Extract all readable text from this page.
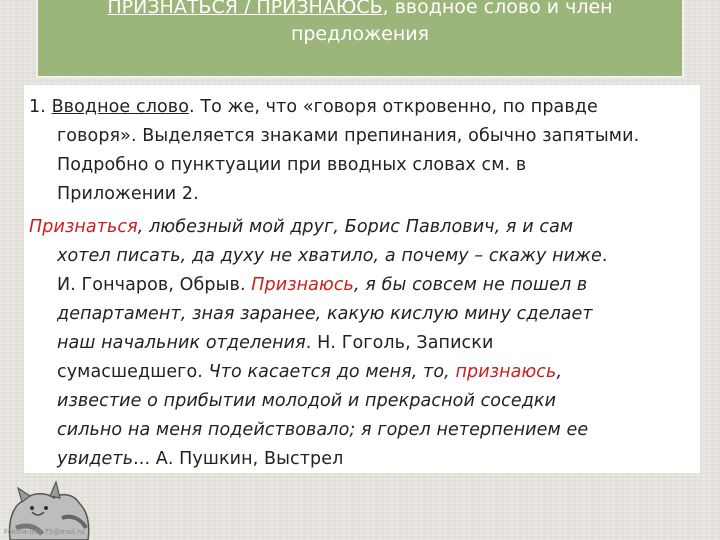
ПРИЗНАТЬСЯ / ПРИЗНАЮСЬ, вводное слово и член
предложения
1. Вводное слово. То же, что «говоря откровенно, по правде
говоря». Выделяется знаками препинания, обычно запятыми.
Подробно о пунктуации при вводных словах см. в
Приложении 2.
Признаться, любезный мой друг, Борис Павлович, я и сам
хотел писать, да духу не хватило, а почему – скажу ниже.
И. Гончаров, Обрыв. Признаюсь, я бы совсем не пошел в
департамент, зная заранее, какую кислую мину сделает
наш начальник отделения. Н. Гоголь, Записки
сумасшедшего. Что касается до меня, то, признаюсь,
известие о прибытии молодой и прекрасной соседки
сильно на меня подействовало; я горел нетерпением ее
увидеть... А. Пушкин, Выстрел
Fokina-lida.75@mail.ru
